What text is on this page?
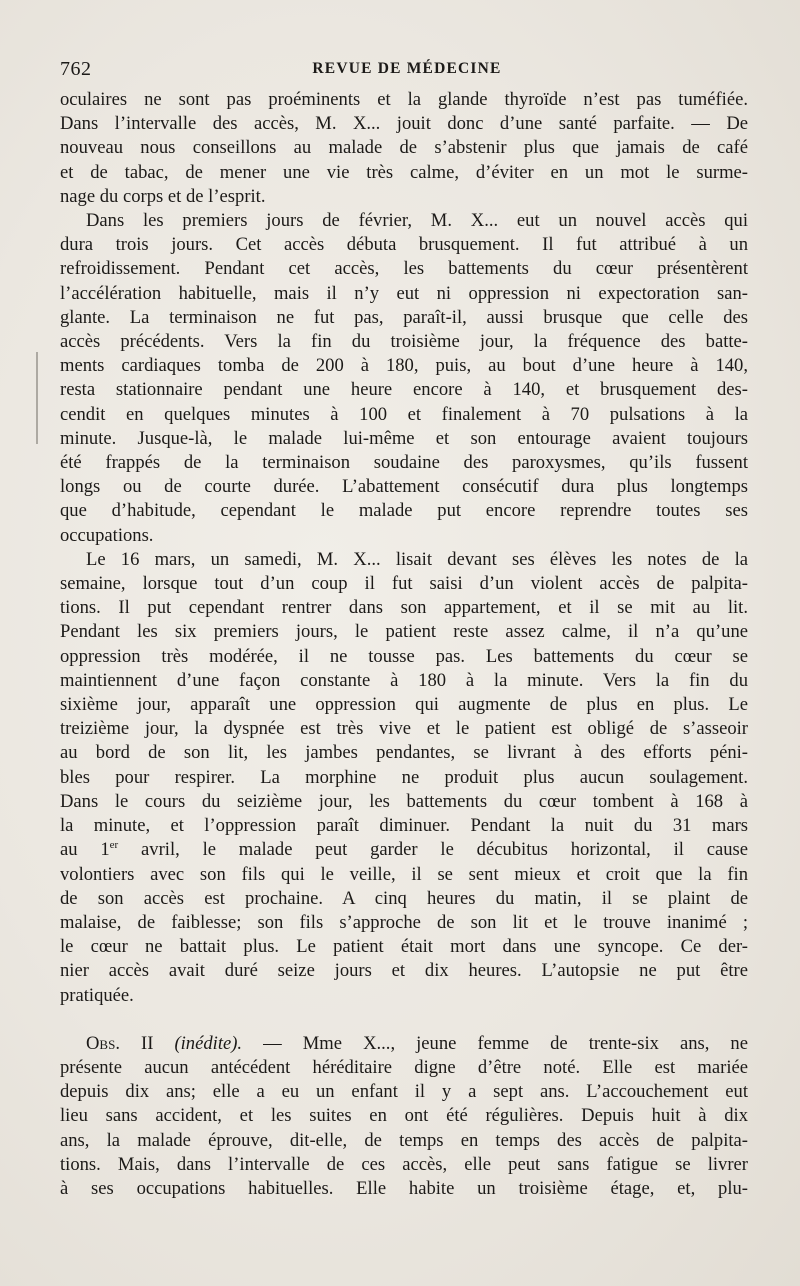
762	REVUE DE MÉDECINE

oculaires ne sont pas proéminents et la glande thyroïde n’est pas tuméfiée.
Dans l’intervalle des accès, M. X... jouit donc d’une santé parfaite. — De
nouveau nous conseillons au malade de s’abstenir plus que jamais de café
et de tabac, de mener une vie très calme, d’éviter en un mot le surme-
nage du corps et de l’esprit.

Dans les premiers jours de février, M. X... eut un nouvel accès qui
dura trois jours. Cet accès débuta brusquement. Il fut attribué à un
refroidissement. Pendant cet accès, les battements du cœur présentèrent
l’accélération habituelle, mais il n’y eut ni oppression ni expectoration san-
glante. La terminaison ne fut pas, paraît-il, aussi brusque que celle des
accès précédents. Vers la fin du troisième jour, la fréquence des batte-
ments cardiaques tomba de 200 à 180, puis, au bout d’une heure à 140,
resta stationnaire pendant une heure encore à 140, et brusquement des-
cendit en quelques minutes à 100 et finalement à 70 pulsations à la
minute. Jusque-là, le malade lui-même et son entourage avaient toujours
été frappés de la terminaison soudaine des paroxysmes, qu’ils fussent
longs ou de courte durée. L’abattement consécutif dura plus longtemps
que d’habitude, cependant le malade put encore reprendre toutes ses
occupations.

Le 16 mars, un samedi, M. X... lisait devant ses élèves les notes de la
semaine, lorsque tout d’un coup il fut saisi d’un violent accès de palpita-
tions. Il put cependant rentrer dans son appartement, et il se mit au lit.
Pendant les six premiers jours, le patient reste assez calme, il n’a qu’une
oppression très modérée, il ne tousse pas. Les battements du cœur se
maintiennent d’une façon constante à 180 à la minute. Vers la fin du
sixième jour, apparaît une oppression qui augmente de plus en plus. Le
treizième jour, la dyspnée est très vive et le patient est obligé de s’asseoir
au bord de son lit, les jambes pendantes, se livrant à des efforts péni-
bles pour respirer. La morphine ne produit plus aucun soulagement.
Dans le cours du seizième jour, les battements du cœur tombent à 168 à
la minute, et l’oppression paraît diminuer. Pendant la nuit du 31 mars
au 1er avril, le malade peut garder le décubitus horizontal, il cause
volontiers avec son fils qui le veille, il se sent mieux et croit que la fin
de son accès est prochaine. A cinq heures du matin, il se plaint de
malaise, de faiblesse; son fils s’approche de son lit et le trouve inanimé ;
le cœur ne battait plus. Le patient était mort dans une syncope. Ce der-
nier accès avait duré seize jours et dix heures. L’autopsie ne put être
pratiquée.

Obs. II (inédite). — Mme X..., jeune femme de trente-six ans, ne
présente aucun antécédent héréditaire digne d’être noté. Elle est mariée
depuis dix ans; elle a eu un enfant il y a sept ans. L’accouchement eut
lieu sans accident, et les suites en ont été régulières. Depuis huit à dix
ans, la malade éprouve, dit-elle, de temps en temps des accès de palpita-
tions. Mais, dans l’intervalle de ces accès, elle peut sans fatigue se livrer
à ses occupations habituelles. Elle habite un troisième étage, et, plu-
